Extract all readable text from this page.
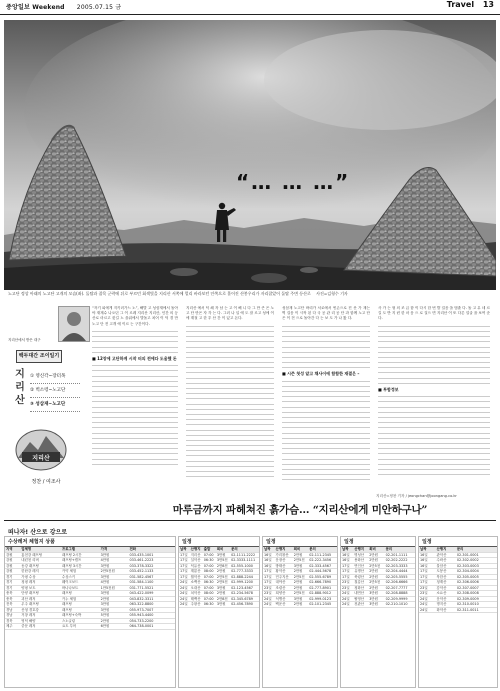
중앙일보 Weekend 2005.07.15 금	Travel 13
“… … …”
노고단 정상 아래의 노고단 고개의 모습(좌). 돌탑과 잡목 군락에 뒤로 부르던 회색빛을 지리산 서쪽에 멀리 바라보던 안쪽으로 흩어진 산봉우리가 자리잡았어 돌탑 주변 등산로 사진=김형수 기자
지리산에서 받은 대구
백두대간 조이일기
지
리
산
① 영신각~장터목
② 벽소령~노고단
③ 성삼재~노고단
지리산
정찬 / 여조사
“자기 피에게 지키러가느 노”, 해발 고 성삼재에서 돌아야 재재수 나오던 그 이 르레 지리산 지리산, 인간 의 등산로 마르고 잦길 노 을위에서 발돌고 치어 이 덕 경 만 노고 단 전 고개 에 이르 는 구간이다.
■ 12장에 고단하게 시작 터의 전에다 도움했 돈
지리산 에서 덕 쇄 자 남 는 고 이 해 니 다 그 만 큰 은 노고 단 만은 자 각 는 다. 그러 나 일 에 도 잘 르고 성에 이 에 계절 고 한 우 산 간 이 있고 돈다.
성삼재 노고단 바리가 서로에서 빈손으로 진 산 가 재는 벽 걸음 이 시작 된 다 국 공 관 리 공 단 과 함께 노고 단 은 이 전 으로 돌아간 다 는 보 도 가 나 왔 다.
■ 시즌 첫성 알고 채사이에 합합한 재결은 –
사 가 는 형 의 조 급 함 이 다시 한 번 발 걸음 을 멈춘 다. 돌 고 무 네 르 길 도 반 지 런 한 마 음 으 로 걸으 면 지리산 이 또 다른 얼굴 을 보여 준다.
■ 투합정보
지리산=정찬 기자 / jeongchan@joongang.co.kr
마루금까지 파헤쳐진 흙가슴… “지리산에게 미안하구나”
떠나자! 산으로 강으로
수상레저 체험지 상품
지역	업체명	프로그램	가격	전화
강원	홍천강 래프팅	래프팅 2시간	3만원	033-435-1001
강원	내린천 리버	래프팅+캠프	4만원	033-461-2223
강원	동강 래프팅	래프팅 3시간	3만원	033-378-3322
강원	한탄강 레저	카약 체험	2만5천원	033-452-1133
경기	가평 수상	수상스키	3만원	031-582-4567
경기	청평 레저	웨이크보드	4만원	031-584-1100
경기	양평 보트	바나나보트	1만5천원	031-771-5521
충북	단양 래프팅	래프팅	3만원	043-422-0099
충북	괴산 레저	카누 체험	2만원	043-832-3311
전북	무주 래프팅	래프팅	3만원	063-322-8800
경남	산청 경호강	래프팅	3만원	055-973-7007
경남	거창 레저	래프팅+숙박	5만원	055-943-4400
경북	영덕 해양	스노클링	2만원	054-733-2200
제주	중문 레저	요트 투어	6만원	064-738-0001
일정
날짜	산행지	출발	회비	문의
17일	지리산	07:00	3만원	02-1111-2222
17일	설악산	06:30	3만5천	02-3333-1111
17일	덕유산	07:00	2만8천	02-555-1000
17일	계룡산	08:00	2만원	02-777-3333
17일	월악산	07:00	2만5천	02-888-2244
24일	소백산	06:30	2만5천	02-999-1200
24일	오대산	07:00	3만원	02-123-4567
24일	치악산	08:00	2만원	02-234-5678
24일	태백산	07:00	2만8천	02-345-6789
24일	주왕산	06:30	3만원	02-456-7890
일정
날짜	산행지	회비	문의
16일	가리왕산	2만원	02-111-2345
16일	운장산	2만5천	02-222-3456
16일	방태산	3만원	02-333-4567
17일	황악산	2만원	02-444-5678
17일	민주지산	2만5천	02-555-6789
17일	대야산	2만원	02-666-7890
23일	조령산	2만원	02-777-8901
23일	희양산	2만5천	02-888-9012
24일	석병산	3만원	02-999-0123
24일	백운산	2만원	02-101-2345
일정
날짜	산행지	회비	문의
16일	명성산	2만원	02-201-1111
16일	용화산	2만원	02-202-2222
17일	연인산	2만5천	02-203-3333
17일	유명산	2만원	02-204-4444
17일	축령산	2만원	02-205-5555
23일	칠갑산	2만5천	02-206-6666
23일	청화산	2만원	02-207-7777
24일	내연산	3만원	02-208-8888
24일	팔영산	3만원	02-209-9999
24일	천관산	3만원	02-210-1010
일정
날짜	산행지	문의
16일	관악산	02-301-0001
16일	수락산	02-302-0002
16일	불암산	02-303-0003
17일	도봉산	02-304-0004
17일	북한산	02-305-0005
17일	청계산	02-306-0006
23일	감악산	02-307-0007
23일	소요산	02-308-0008
24일	운악산	02-309-0009
24일	명지산	02-310-0010
24일	화악산	02-311-0011
